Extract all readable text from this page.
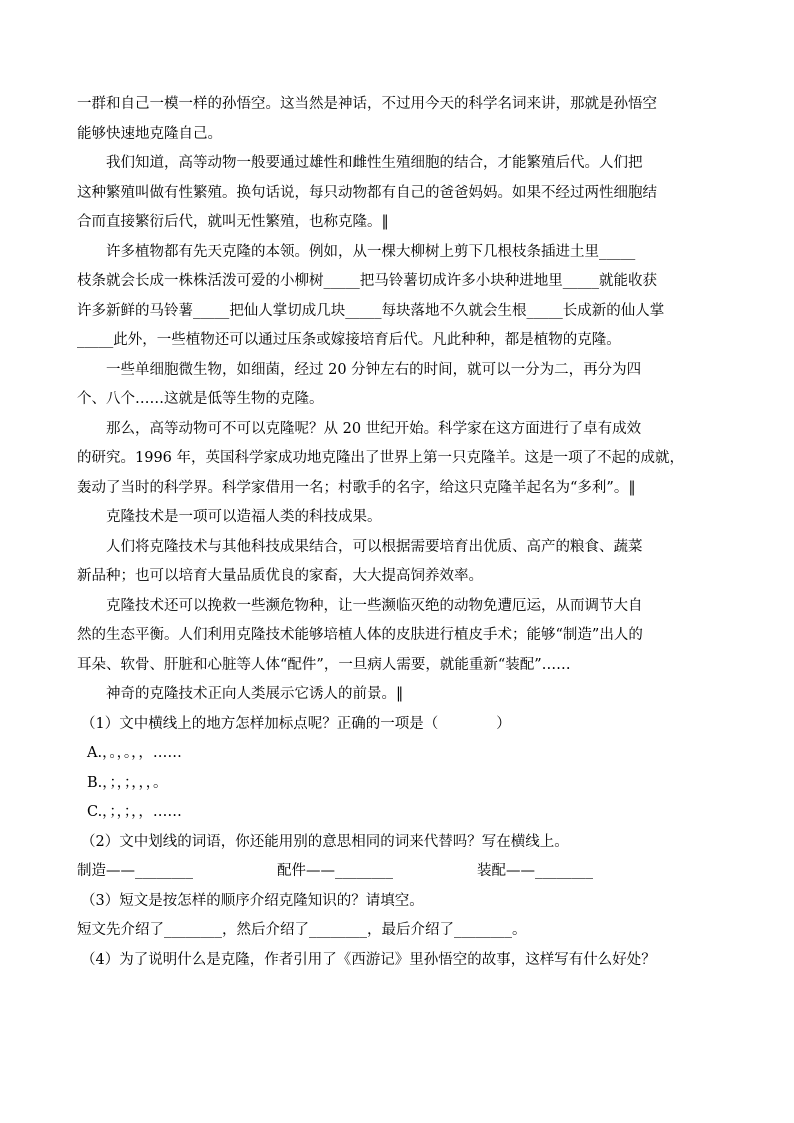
一群和自己一模一样的孙悟空。这当然是神话，不过用今天的科学名词来讲，那就是孙悟空
能够快速地克隆自己。
　　我们知道，高等动物一般要通过雄性和雌性生殖细胞的结合，才能繁殖后代。人们把
这种繁殖叫做有性繁殖。换句话说，每只动物都有自己的爸爸妈妈。如果不经过两性细胞结
合而直接繁衍后代，就叫无性繁殖，也称克隆。‖
　　许多植物都有先天克隆的本领。例如，从一棵大柳树上剪下几根枝条插进土里_____
枝条就会长成一株株活泼可爱的小柳树_____把马铃薯切成许多小块种进地里_____就能收获
许多新鲜的马铃薯_____把仙人掌切成几块_____每块落地不久就会生根_____长成新的仙人掌
_____此外，一些植物还可以通过压条或嫁接培育后代。凡此种种，都是植物的克隆。
　　一些单细胞微生物，如细菌，经过 20 分钟左右的时间，就可以一分为二，再分为四
个、八个……这就是低等生物的克隆。
　　那么，高等动物可不可以克隆呢？从 20 世纪开始。科学家在这方面进行了卓有成效
的研究。1996 年，英国科学家成功地克隆出了世界上第一只克隆羊。这是一项了不起的成就，
轰动了当时的科学界。科学家借用一名；村歌手的名字，给这只克隆羊起名为“多利”。‖
　　克隆技术是一项可以造福人类的科技成果。
　　人们将克隆技术与其他科技成果结合，可以根据需要培育出优质、高产的粮食、蔬菜
新品种；也可以培育大量品质优良的家畜，大大提高饲养效率。
　　克隆技术还可以挽救一些濒危物种，让一些濒临灭绝的动物免遭厄运，从而调节大自
然的生态平衡。人们利用克隆技术能够培植人体的皮肤进行植皮手术；能够“制造”出人的
耳朵、软骨、肝脏和心脏等人体“配件”，一旦病人需要，就能重新“装配”……
　　神奇的克隆技术正向人类展示它诱人的前景。‖
（1）文中横线上的地方怎样加标点呢？正确的一项是（　　　　）
A.，。，。，，……
B.，；，；，，，。
C.，；，；，，……
（2）文中划线的词语，你还能用别的意思相同的词来代替吗？写在横线上。
制造——________	配件——________	装配——________
（3）短文是按怎样的顺序介绍克隆知识的？请填空。
短文先介绍了________，然后介绍了________，最后介绍了________。
（4）为了说明什么是克隆，作者引用了《西游记》里孙悟空的故事，这样写有什么好处？
